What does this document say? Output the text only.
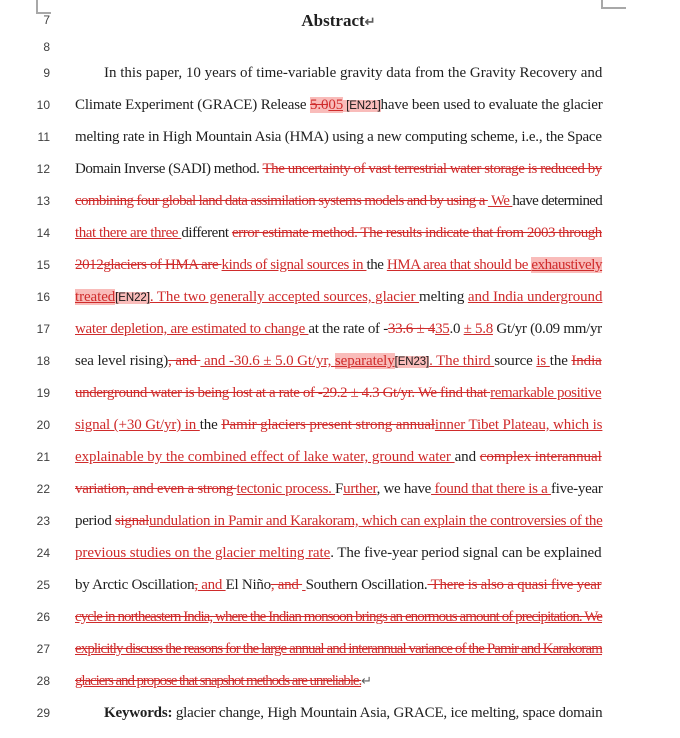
7	Abstract↵
8
9	In this paper, 10 years of time-variable gravity data from the Gravity Recovery and
10 Climate Experiment (GRACE) Release 5.005 [EN21]have been used to evaluate the glacier
11 melting rate in High Mountain Asia (HMA) using a new computing scheme, i.e., the Space
12 Domain Inverse (SADI) method. The uncertainty of vast terrestrial water storage is reduced by
13 combining four global land data assimilation systems models and by using a  We have determined
14 that there are three different error estimate method. The results indicate that from 2003 through
15 2012glaciers of HMA are kinds of signal sources in the HMA area that should be exhaustively
16 treated[EN22]. The two generally accepted sources, glacier melting and India underground
17 water depletion, are estimated to change at the rate of -33.6 ± 435.0 ± 5.8 Gt/yr (0.09 mm/yr
18 sea level rising), and  and -30.6 ± 5.0 Gt/yr, separately[EN23]. The third source is the India
19 underground water is being lost at a rate of -29.2 ± 4.3 Gt/yr. We find that remarkable positive
20 signal (+30 Gt/yr) in the Pamir glaciers present strong annualinner Tibet Plateau, which is
21 explainable by the combined effect of lake water, ground water and complex interannual
22 variation, and even a strong tectonic process. Further, we have found that there is a five-year
23 period signalundulation in Pamir and Karakoram, which can explain the controversies of the
24 previous studies on the glacier melting rate. The five-year period signal can be explained
25 by Arctic Oscillation, and El Niño, and  Southern Oscillation. There is also a quasi five year
26 cycle in northeastern India, where the Indian monsoon brings an enormous amount of precipitation. We
27 explicitly discuss the reasons for the large annual and interannual variance of the Pamir and Karakoram
28 glaciers and propose that snapshot methods are unreliable.↵
29	Keywords: glacier change, High Mountain Asia, GRACE, ice melting, space domain
